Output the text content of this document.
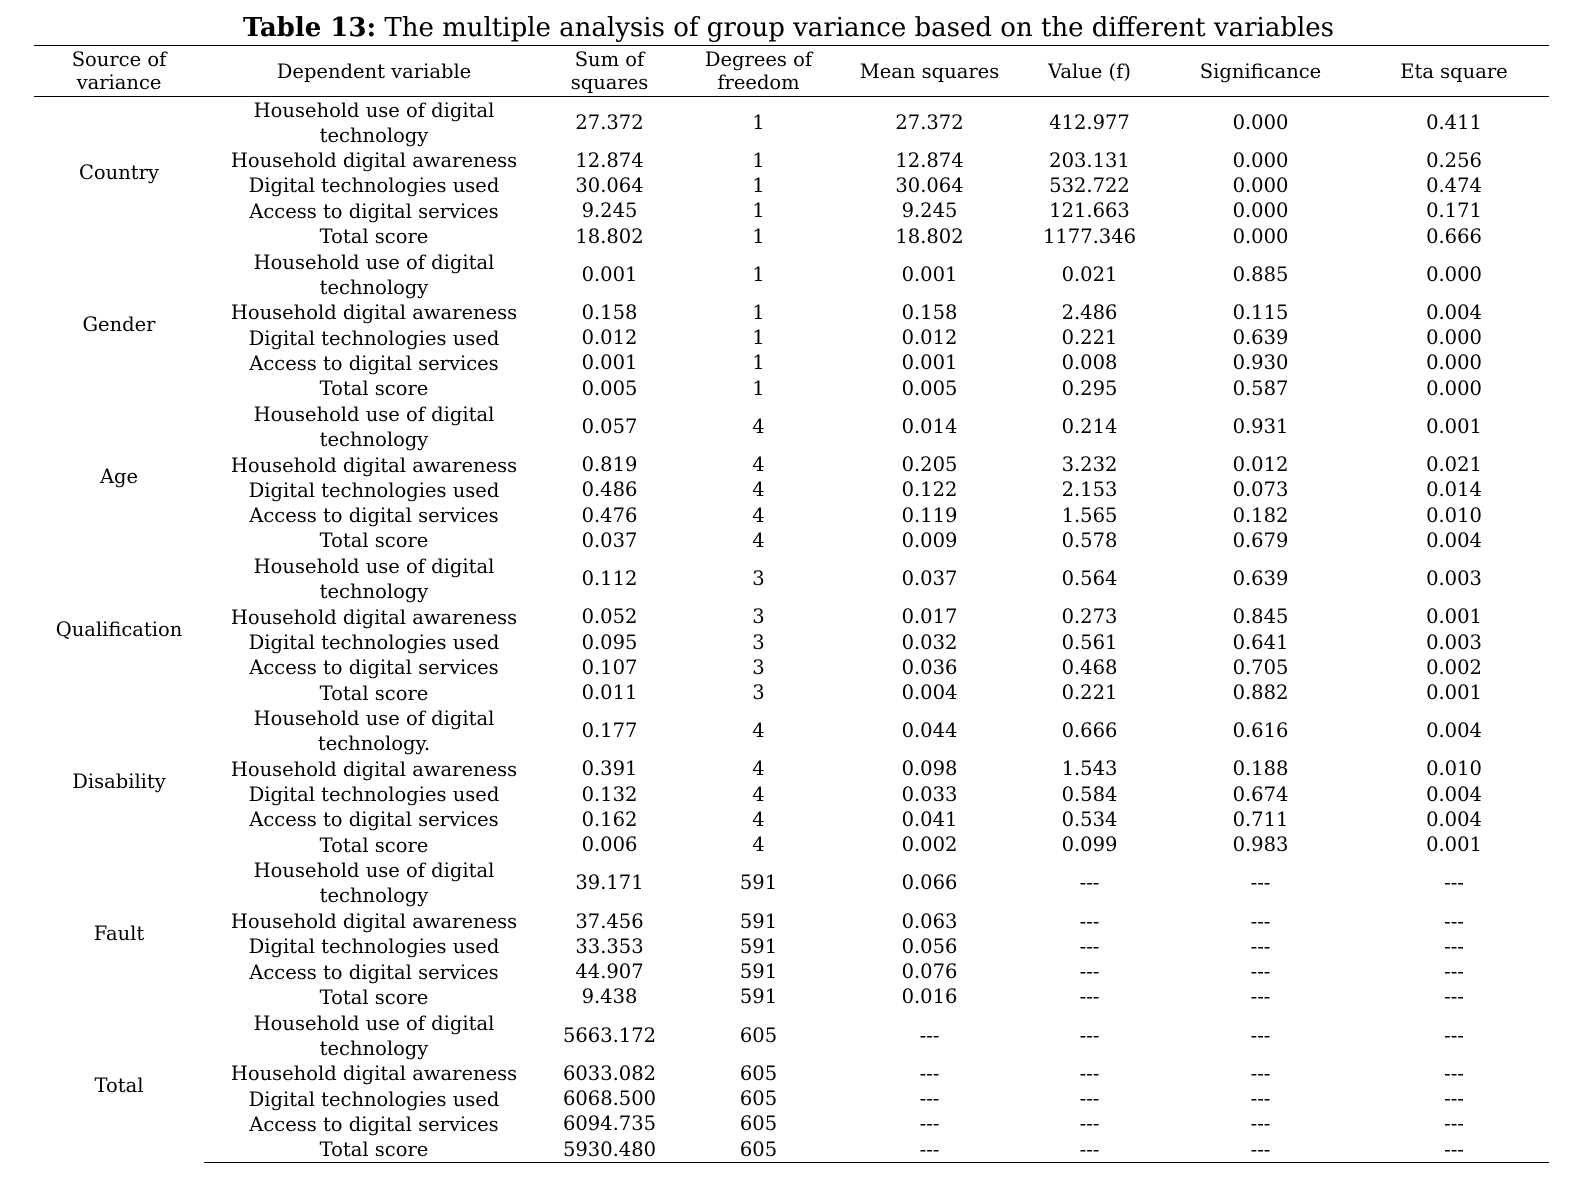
Table 13: The multiple analysis of group variance based on the different variables
Source of variance	Dependent variable	Sum of squares	Degrees of freedom	Mean squares	Value (f)	Significance	Eta square
Country	Household use of digital technology	27.372	1	27.372	412.977	0.000	0.411
	Household digital awareness	12.874	1	12.874	203.131	0.000	0.256
	Digital technologies used	30.064	1	30.064	532.722	0.000	0.474
	Access to digital services	9.245	1	9.245	121.663	0.000	0.171
	Total score	18.802	1	18.802	1177.346	0.000	0.666
Gender	Household use of digital technology	0.001	1	0.001	0.021	0.885	0.000
	Household digital awareness	0.158	1	0.158	2.486	0.115	0.004
	Digital technologies used	0.012	1	0.012	0.221	0.639	0.000
	Access to digital services	0.001	1	0.001	0.008	0.930	0.000
	Total score	0.005	1	0.005	0.295	0.587	0.000
Age	Household use of digital technology	0.057	4	0.014	0.214	0.931	0.001
	Household digital awareness	0.819	4	0.205	3.232	0.012	0.021
	Digital technologies used	0.486	4	0.122	2.153	0.073	0.014
	Access to digital services	0.476	4	0.119	1.565	0.182	0.010
	Total score	0.037	4	0.009	0.578	0.679	0.004
Qualification	Household use of digital technology	0.112	3	0.037	0.564	0.639	0.003
	Household digital awareness	0.052	3	0.017	0.273	0.845	0.001
	Digital technologies used	0.095	3	0.032	0.561	0.641	0.003
	Access to digital services	0.107	3	0.036	0.468	0.705	0.002
	Total score	0.011	3	0.004	0.221	0.882	0.001
Disability	Household use of digital technology.	0.177	4	0.044	0.666	0.616	0.004
	Household digital awareness	0.391	4	0.098	1.543	0.188	0.010
	Digital technologies used	0.132	4	0.033	0.584	0.674	0.004
	Access to digital services	0.162	4	0.041	0.534	0.711	0.004
	Total score	0.006	4	0.002	0.099	0.983	0.001
Fault	Household use of digital technology	39.171	591	0.066	---	---	---
	Household digital awareness	37.456	591	0.063	---	---	---
	Digital technologies used	33.353	591	0.056	---	---	---
	Access to digital services	44.907	591	0.076	---	---	---
	Total score	9.438	591	0.016	---	---	---
Total	Household use of digital technology	5663.172	605	---	---	---	---
	Household digital awareness	6033.082	605	---	---	---	---
	Digital technologies used	6068.500	605	---	---	---	---
	Access to digital services	6094.735	605	---	---	---	---
	Total score	5930.480	605	---	---	---	---
